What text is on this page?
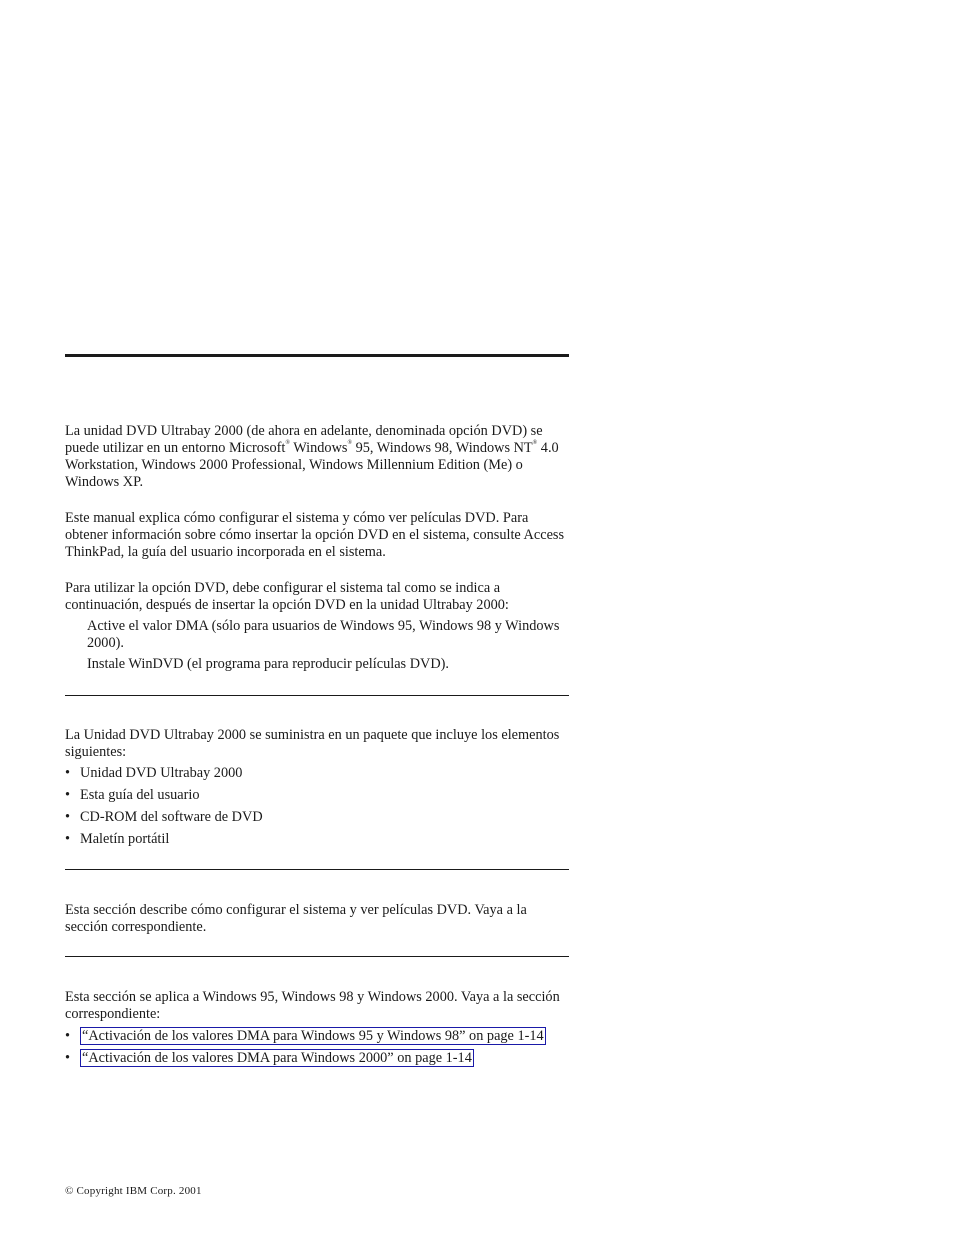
La unidad DVD Ultrabay 2000 (de ahora en adelante, denominada opción DVD) se puede utilizar en un entorno Microsoft® Windows® 95, Windows 98, Windows NT® 4.0 Workstation, Windows 2000 Professional, Windows Millennium Edition (Me) o Windows XP.

Este manual explica cómo configurar el sistema y cómo ver películas DVD. Para obtener información sobre cómo insertar la opción DVD en el sistema, consulte Access ThinkPad, la guía del usuario incorporada en el sistema.

Para utilizar la opción DVD, debe configurar el sistema tal como se indica a continuación, después de insertar la opción DVD en la unidad Ultrabay 2000:

Active el valor DMA (sólo para usuarios de Windows 95, Windows 98 y Windows 2000).
Instale WinDVD (el programa para reproducir películas DVD).

La Unidad DVD Ultrabay 2000 se suministra en un paquete que incluye los elementos siguientes:

• Unidad DVD Ultrabay 2000
• Esta guía del usuario
• CD-ROM del software de DVD
• Maletín portátil

Esta sección describe cómo configurar el sistema y ver películas DVD. Vaya a la sección correspondiente.

Esta sección se aplica a Windows 95, Windows 98 y Windows 2000. Vaya a la sección correspondiente:

• “Activación de los valores DMA para Windows 95 y Windows 98” on page 1-14
• “Activación de los valores DMA para Windows 2000” on page 1-14
© Copyright IBM Corp. 2001
